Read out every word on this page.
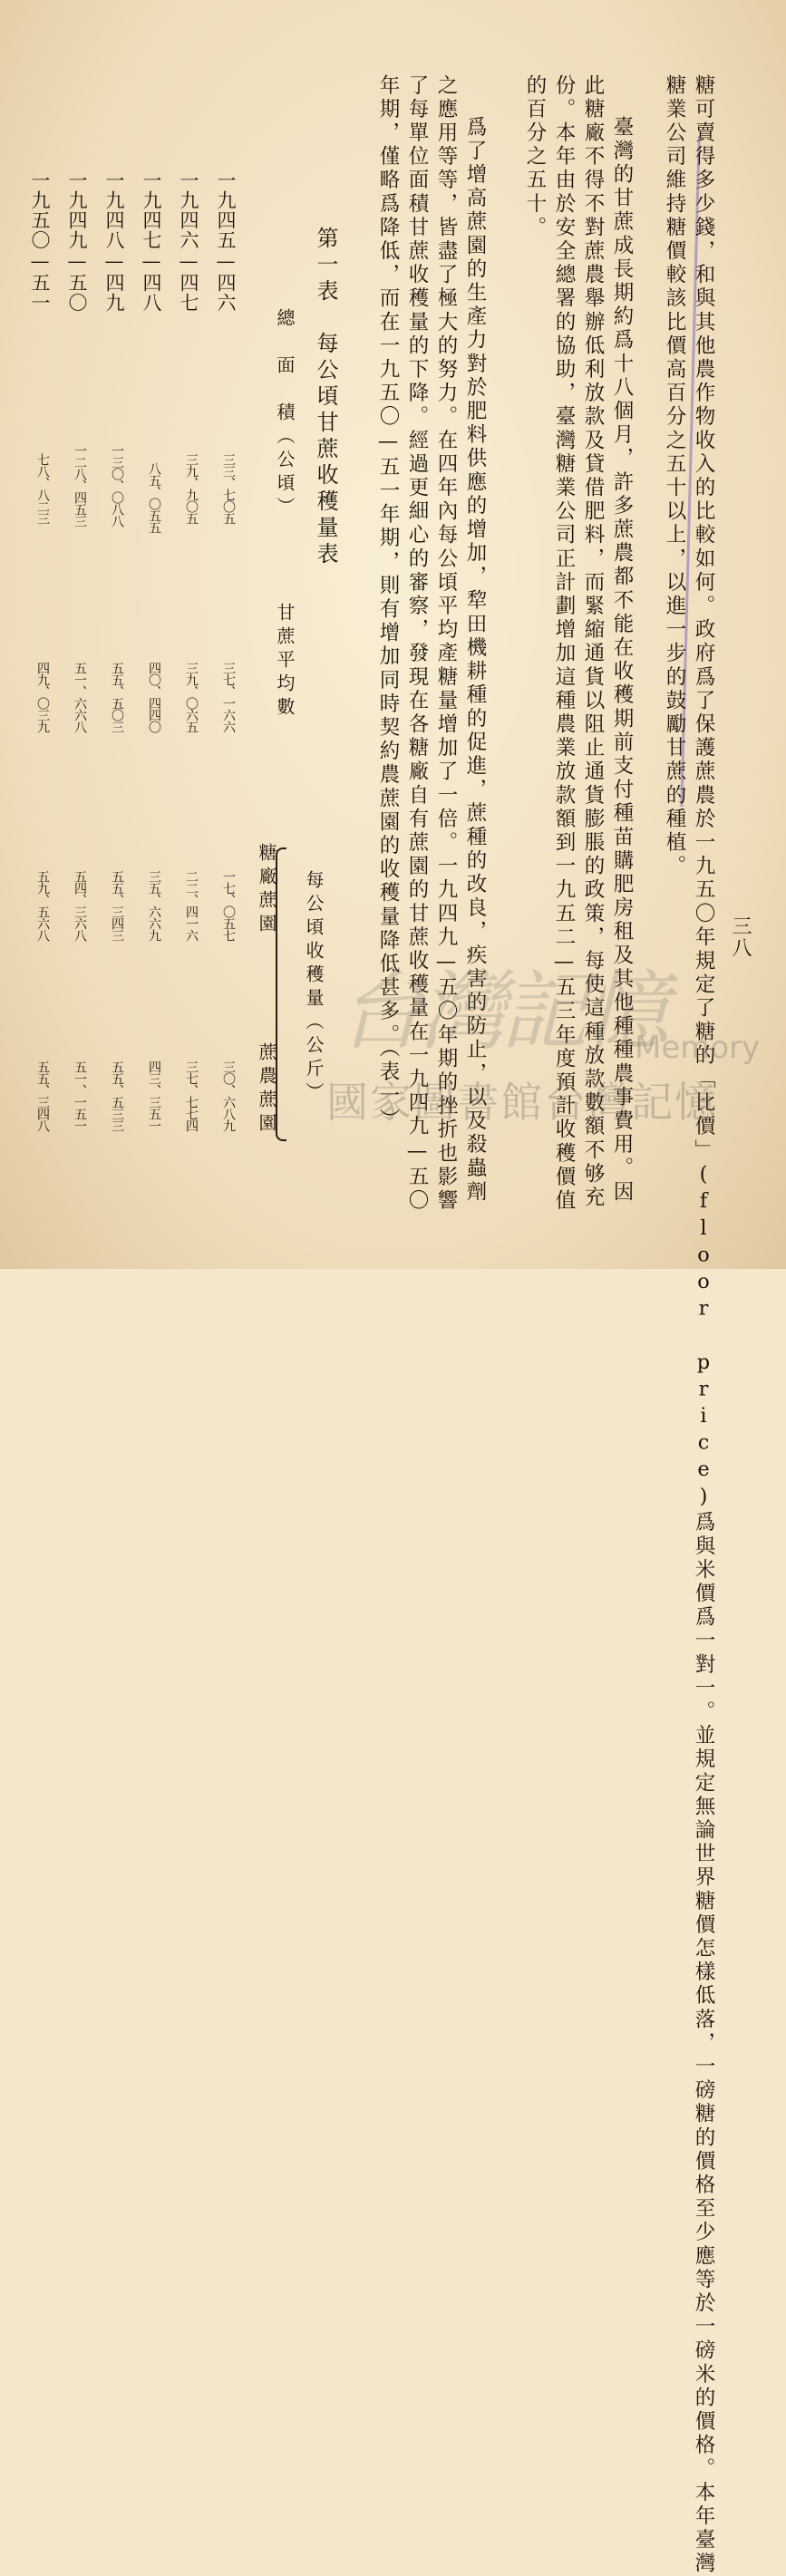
三八
糖可賣得多少錢，和與其他農作物收入的比較如何。政府爲了保護蔗農於一九五〇年規定了糖的「比價」(floor price)爲與米價爲一對一。並規定無論世界糖價怎樣低落，一磅糖的價格至少應等於一磅米的價格。本年臺灣
糖業公司維持糖價較該比價高百分之五十以上，以進一步的鼓勵甘蔗的種植。
臺灣的甘蔗成長期約爲十八個月，許多蔗農都不能在收穫期前支付種苗購肥房租及其他種種農事費用。因
此糖廠不得不對蔗農舉辦低利放款及貸借肥料，而緊縮通貨以阻止通貨膨脹的政策，每使這種放款數額不够充
份。本年由於安全總署的協助，臺灣糖業公司正計劃增加這種農業放款額到一九五二—五三年度預計收穫價值
的百分之五十。
爲了增高蔗園的生產力對於肥料供應的增加，犂田機耕種的促進，蔗種的改良，疾害的防止，以及殺蟲劑
之應用等等，皆盡了極大的努力。在四年內每公頃平均產糖量增加了一倍。一九四九—五〇年期的挫折也影響
了每單位面積甘蔗收穫量的下降。經過更細心的審察，發現在各糖廠自有蔗園的甘蔗收穫量在一九四九—五〇
年期，僅略爲降低，而在一九五〇—五一年期，則有增加同時契約農蔗園的收穫量降低甚多。（表一）
第一表　每公頃甘蔗收穫量表
總　面　積（公頃）
甘蔗平均數
每公頃收穫量（公斤）
糖廠蔗園
蔗農蔗園
一九四五—四六
一九四六—四七
一九四七—四八
一九四八—四九
一九四九—五〇
一九五〇—五一
三三、七〇五
三九、九〇五
八五、〇五五
一三〇、〇八八
一二八、四五三
七八、八二三
三七、一六六
三九、〇六五
四〇、四四〇
五五、五〇三
五一、六六八
四九、〇三九
一七、〇五七
二二、四一六
三五、六六九
五五、三四三
五四、三六八
五九、五六八
三〇、六八九
三七、七七四
四三、三五一
五五、五三三
五一、一五一
五五、三四八
台灣記憶
Memory
國家圖書館台灣記憶
